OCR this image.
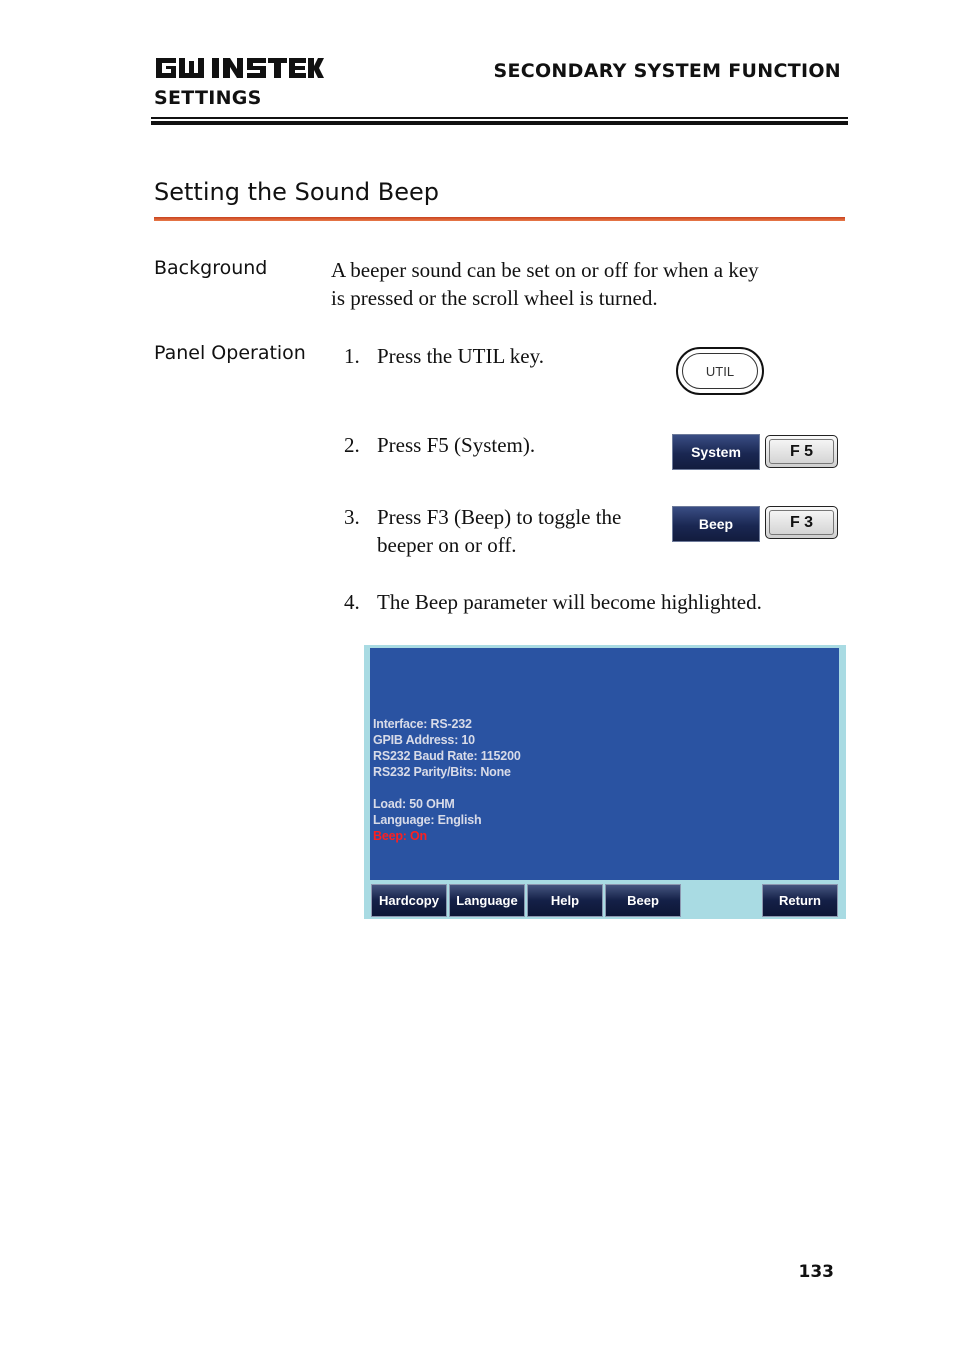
SECONDARY SYSTEM FUNCTION
SETTINGS
Setting the Sound Beep
Background	A beeper sound can be set on or off for when a key
is pressed or the scroll wheel is turned.
Panel Operation 1. Press the UTIL key.
UTIL
2. Press F5 (System).	System	F 5
3. Press F3 (Beep) to toggle the
beeper on or off.
Beep	F 3
4. The Beep parameter will become highlighted.
Interface: RS-232
GPIB Address: 10
RS232 Baud Rate: 115200
RS232 Parity/Bits: None
Load: 50 OHM
Language: English
Beep: On
Hardcopy	Language	Help	Beep	Return
133
